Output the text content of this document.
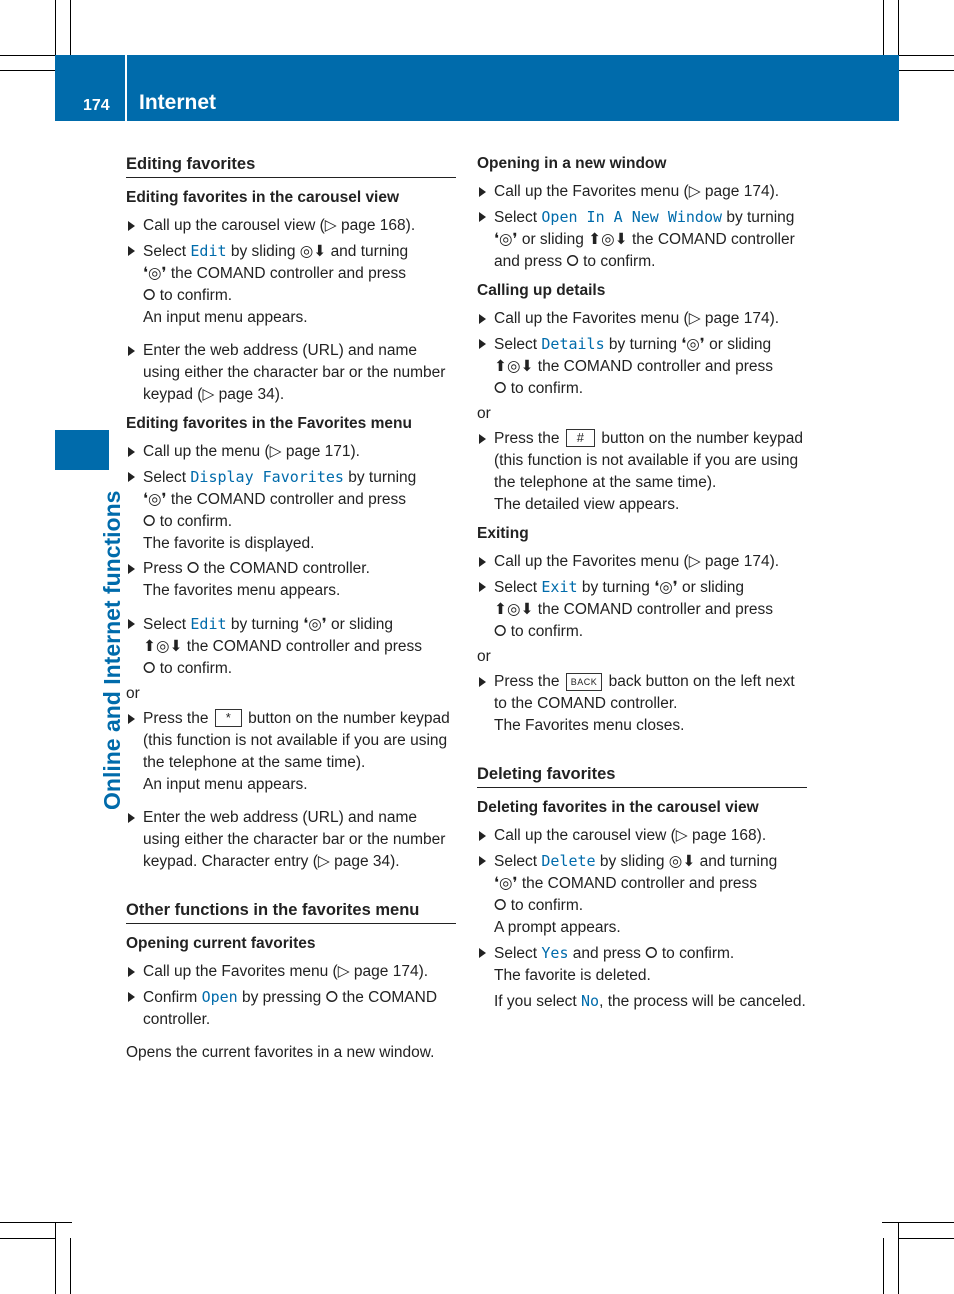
174 Internet
Online and Internet functions
Editing favorites
Editing favorites in the carousel view
Call up the carousel view (▷ page 168).
Select Edit by sliding ◎⬇ and turning
❛◎❜ the COMAND controller and press
⭘ to confirm.
An input menu appears.
Enter the web address (URL) and name using either the character bar or the number keypad (▷ page 34).
Editing favorites in the Favorites menu
Call up the menu (▷ page 171).
Select Display Favorites by turning
❛◎❜ the COMAND controller and press
⭘ to confirm.
The favorite is displayed.
Press ⭘ the COMAND controller.
The favorites menu appears.
Select Edit by turning ❛◎❜ or sliding
⬆◎⬇ the COMAND controller and press
⭘ to confirm.
or
Press the * button on the number keypad (this function is not available if you are using the telephone at the same time).
An input menu appears.
Enter the web address (URL) and name using either the character bar or the number keypad. Character entry (▷ page 34).
Other functions in the favorites menu
Opening current favorites
Call up the Favorites menu (▷ page 174).
Confirm Open by pressing ⭘ the COMAND controller.
Opens the current favorites in a new window.
Opening in a new window
Call up the Favorites menu (▷ page 174).
Select Open In A New Window by turning
❛◎❜ or sliding ⬆◎⬇ the COMAND controller and press ⭘ to confirm.
Calling up details
Call up the Favorites menu (▷ page 174).
Select Details by turning ❛◎❜ or sliding
⬆◎⬇ the COMAND controller and press
⭘ to confirm.
or
Press the # button on the number keypad (this function is not available if you are using the telephone at the same time).
The detailed view appears.
Exiting
Call up the Favorites menu (▷ page 174).
Select Exit by turning ❛◎❜ or sliding
⬆◎⬇ the COMAND controller and press
⭘ to confirm.
or
Press the BACK back button on the left next to the COMAND controller.
The Favorites menu closes.
Deleting favorites
Deleting favorites in the carousel view
Call up the carousel view (▷ page 168).
Select Delete by sliding ◎⬇ and turning
❛◎❜ the COMAND controller and press
⭘ to confirm.
A prompt appears.
Select Yes and press ⭘ to confirm.
The favorite is deleted.
If you select No, the process will be canceled.
